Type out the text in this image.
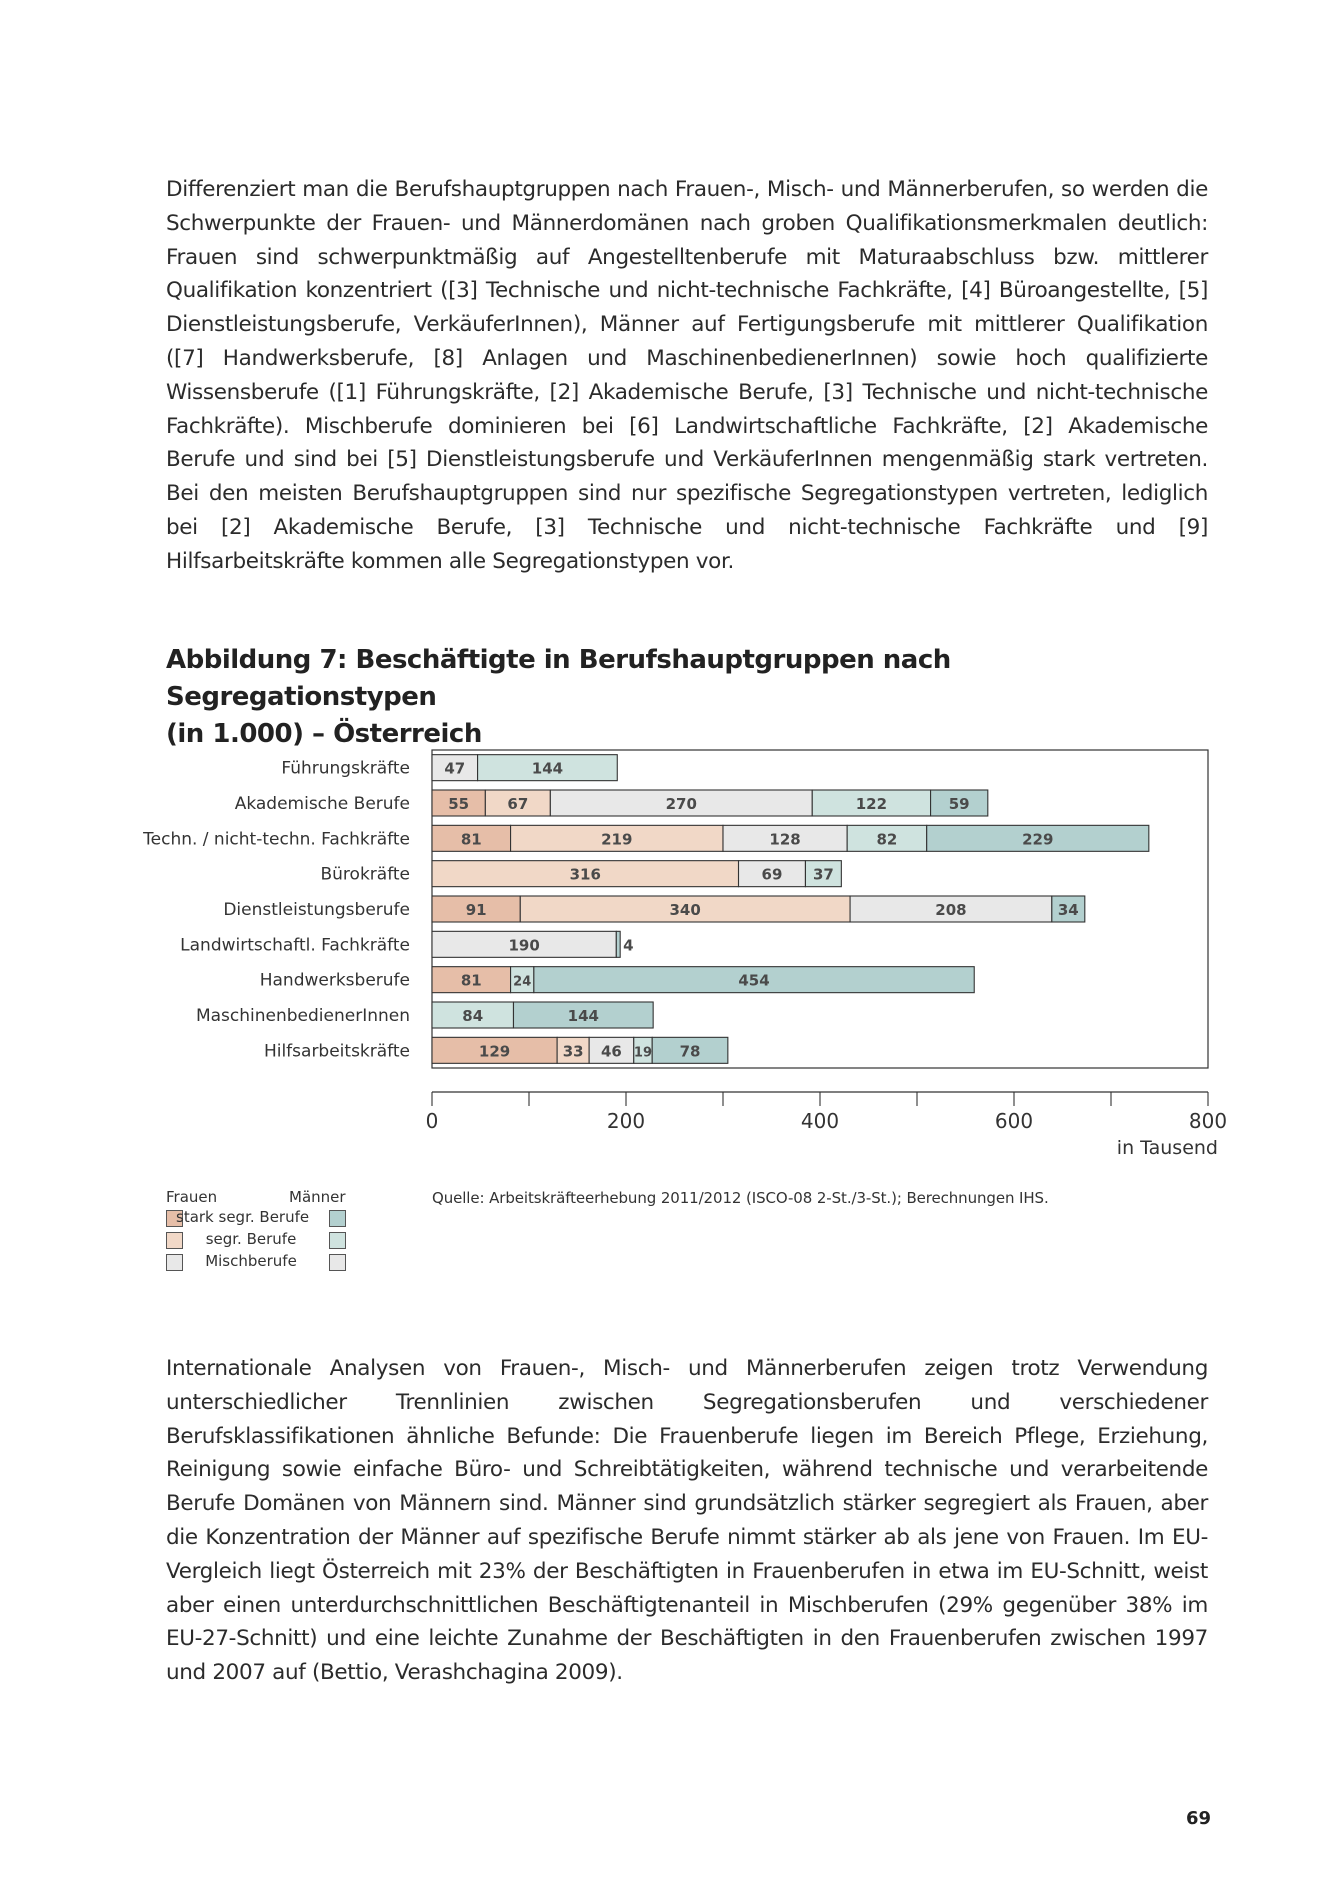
Differenziert man die Berufshauptgruppen nach Frauen-, Misch- und Männerberufen, so werden die Schwerpunkte der Frauen- und Männerdomänen nach groben Qualifikationsmerkmalen deutlich: Frauen sind schwerpunktmäßig auf Angestelltenberufe mit Maturaabschluss bzw. mittlerer Qualifikation konzentriert ([3] Technische und nicht-technische Fachkräfte, [4] Büroangestellte, [5] Dienstleistungsberufe, VerkäuferInnen), Männer auf Fertigungsberufe mit mittlerer Qualifikation ([7] Handwerksberufe, [8] Anlagen und MaschinenbedienerInnen) sowie hoch qualifizierte Wissensberufe ([1] Führungskräfte, [2] Akademische Berufe, [3] Technische und nicht-technische Fachkräfte). Mischberufe dominieren bei [6] Landwirtschaftliche Fachkräfte, [2] Akademische Berufe und sind bei [5] Dienstleistungsberufe und VerkäuferInnen mengenmäßig stark vertreten. Bei den meisten Berufshauptgruppen sind nur spezifische Segregationstypen vertreten, lediglich bei [2] Akademische Berufe, [3] Technische und nicht-technische Fachkräfte und [9] Hilfsarbeitskräfte kommen alle Segregationstypen vor.

Abbildung 7: Beschäftigte in Berufshauptgruppen nach Segregationstypen
(in 1.000) – Österreich
Führungskräfte 47	144
Akademische Berufe	55	67	270	122	59
Techn. / nicht-techn. Fachkräfte	81	219	128	82	229
Bürokräfte	316	69 37
Dienstleistungsberufe	91	340	208	34
Landwirtschaftl. Fachkräfte	190	4
Handwerksberufe	81 24	454
MaschinenbedienerInnen	84	144
Hilfsarbeitskräfte	129	33 46 19 78
0	200	400	600	800
in Tausend
Frauen	Männer
stark segr. Berufe
segr. Berufe
Mischberufe
Quelle: Arbeitskräfteerhebung 2011/2012 (ISCO-08 2-St./3-St.); Berechnungen IHS.

Internationale Analysen von Frauen-, Misch- und Männerberufen zeigen trotz Verwendung unterschiedlicher Trennlinien zwischen Segregationsberufen und verschiedener Berufsklassifikationen ähnliche Befunde: Die Frauenberufe liegen im Bereich Pflege, Erziehung, Reinigung sowie einfache Büro- und Schreibtätigkeiten, während technische und verarbeitende Berufe Domänen von Männern sind. Männer sind grundsätzlich stärker segregiert als Frauen, aber die Konzentration der Männer auf spezifische Berufe nimmt stärker ab als jene von Frauen. Im EU-Vergleich liegt Österreich mit 23% der Beschäftigten in Frauenberufen in etwa im EU-Schnitt, weist aber einen unterdurchschnittlichen Beschäftigtenanteil in Mischberufen (29% gegenüber 38% im EU-27-Schnitt) und eine leichte Zunahme der Beschäftigten in den Frauenberufen zwischen 1997 und 2007 auf (Bettio, Verashchagina 2009).

69
